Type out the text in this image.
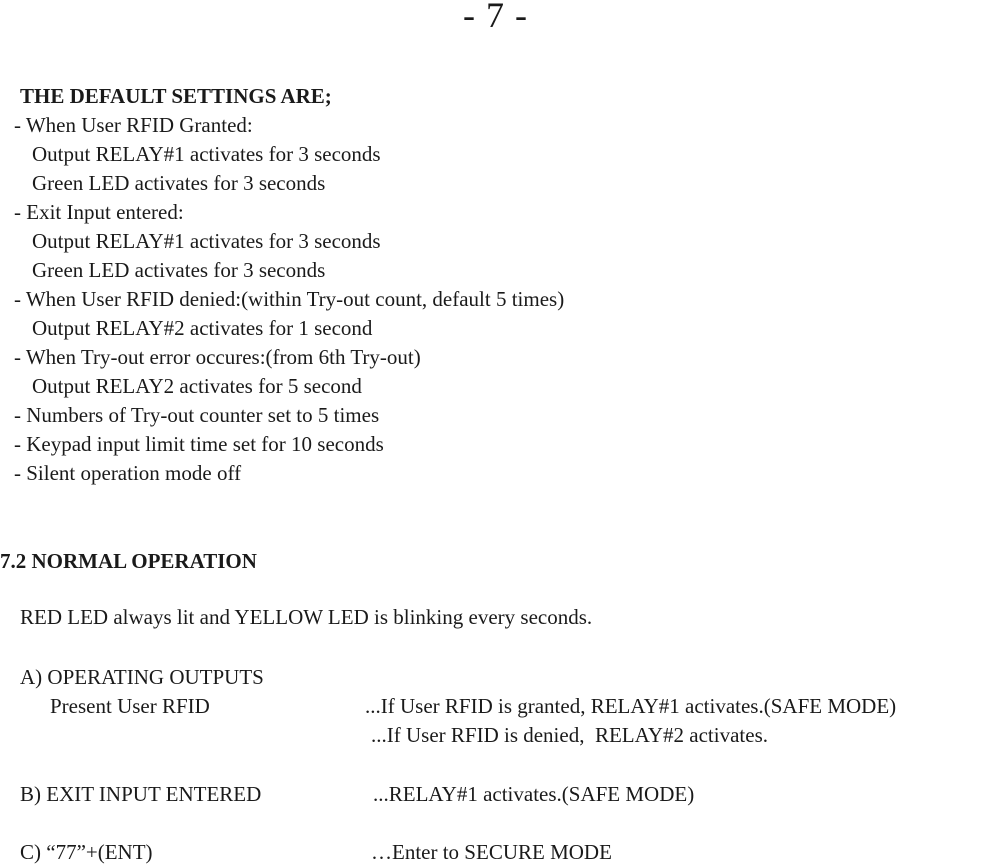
- 7 -
THE DEFAULT SETTINGS ARE;
- When User RFID Granted:
Output RELAY#1 activates for 3 seconds
Green LED activates for 3 seconds
- Exit Input entered:
Output RELAY#1 activates for 3 seconds
Green LED activates for 3 seconds
- When User RFID denied:(within Try-out count, default 5 times)
Output RELAY#2 activates for 1 second
- When Try-out error occures:(from 6th Try-out)
Output RELAY2 activates for 5 second
- Numbers of Try-out counter set to 5 times
- Keypad input limit time set for 10 seconds
- Silent operation mode off
7.2 NORMAL OPERATION
RED LED always lit and YELLOW LED is blinking every seconds.
A) OPERATING OUTPUTS
Present User RFID	...If User RFID is granted, RELAY#1 activates.(SAFE MODE)
...If User RFID is denied,  RELAY#2 activates.
B) EXIT INPUT ENTERED	...RELAY#1 activates.(SAFE MODE)
C) “77”+(ENT)	…Enter to SECURE MODE
